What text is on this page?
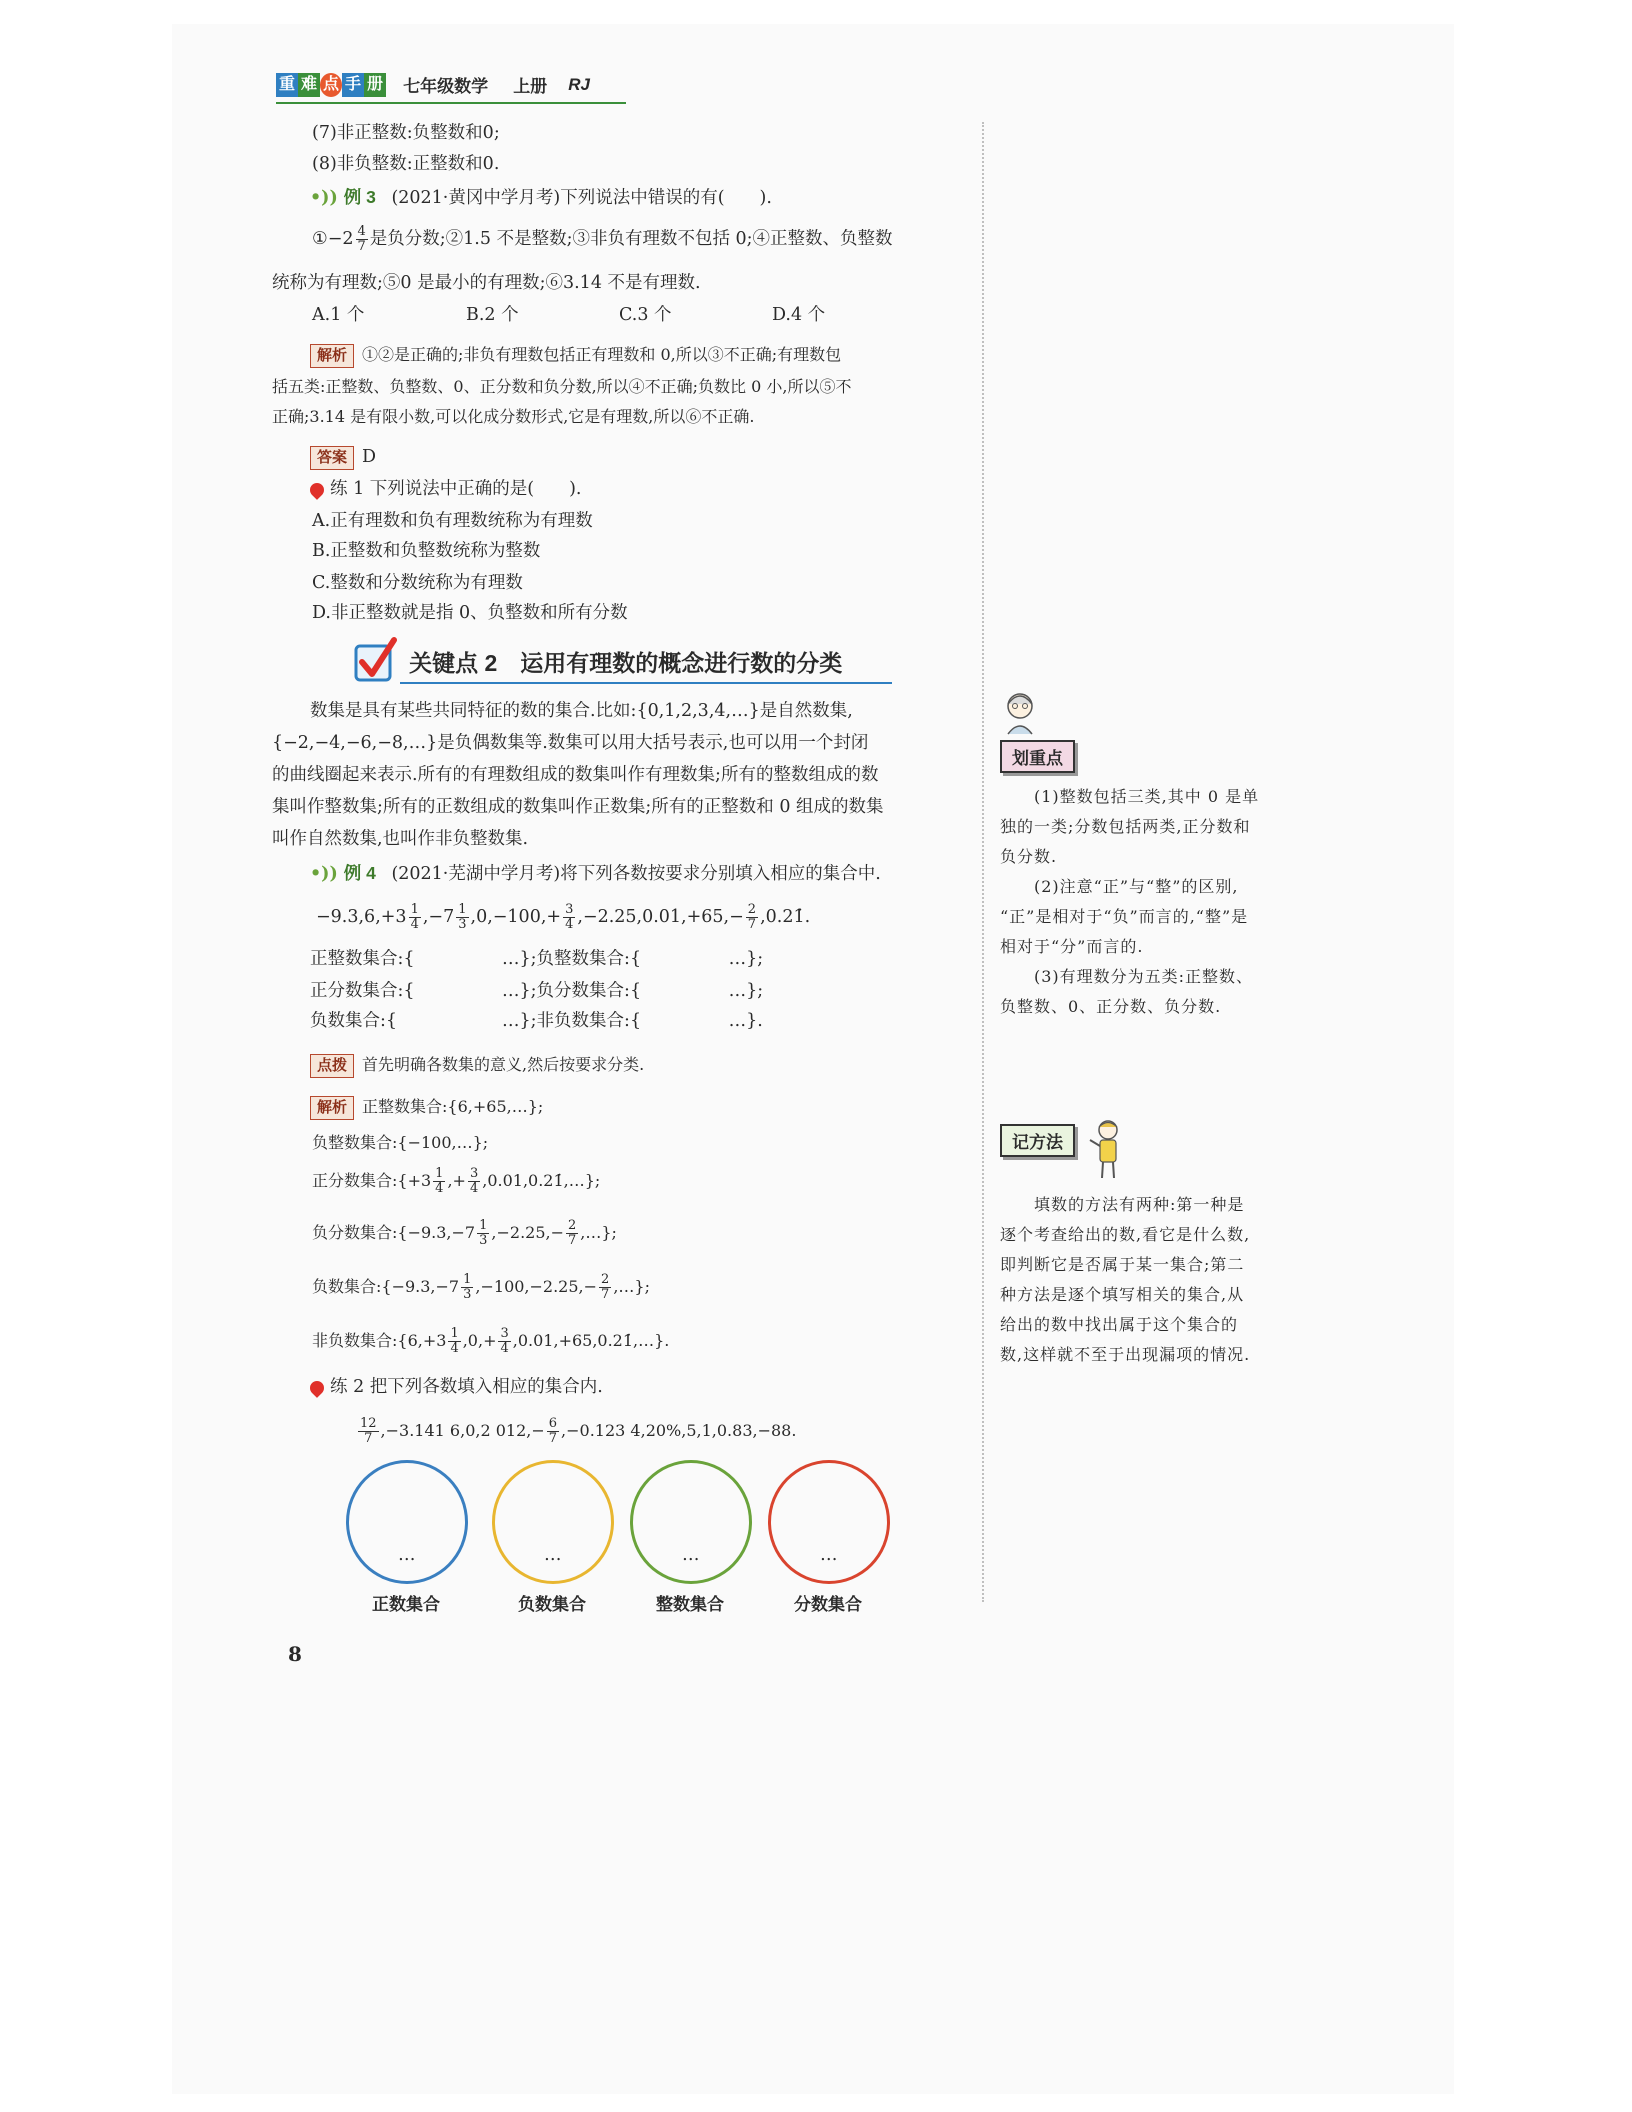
重 难 点 手 册 七年级数学 上册 RJ
(7)非正整数:负整数和0;
(8)非负整数:正整数和0.
•)) 例 3 (2021·黄冈中学月考)下列说法中错误的有(　　).
①−2 $\frac{4}{7}$ 是负分数;②1.5 不是整数;③非负有理数不包括 0;④正整数、负整数
统称为有理数;⑤0 是最小的有理数;⑥3.14 不是有理数.
A.1 个	B.2 个	C.3 个	D.4 个
解析 ①②是正确的;非负有理数包括正有理数和 0,所以③不正确;有理数包
括五类:正整数、负整数、0、正分数和负分数,所以④不正确;负数比 0 小,所以⑤不
正确;3.14 是有限小数,可以化成分数形式,它是有理数,所以⑥不正确.
答案 D
练 1 下列说法中正确的是(　　).
A.正有理数和负有理数统称为有理数
B.正整数和负整数统称为整数
C.整数和分数统称为有理数
D.非正整数就是指 0、负整数和所有分数
关键点 2　运用有理数的概念进行数的分类
数集是具有某些共同特征的数的集合.比如:{0,1,2,3,4,…}是自然数集,
{−2,−4,−6,−8,…}是负偶数集等.数集可以用大括号表示,也可以用一个封闭
的曲线圈起来表示.所有的有理数组成的数集叫作有理数集;所有的整数组成的数
集叫作整数集;所有的正数组成的数集叫作正数集;所有的正整数和 0 组成的数集
叫作自然数集,也叫作非负整数集.
•)) 例 4 (2021·芜湖中学月考)将下列各数按要求分别填入相应的集合中.
$-9.3,6,+3 \frac{1}{4} ,-7 \frac{1}{3} ,0,-100,+ \frac{3}{4} ,-2.25,0.01,+65,- \frac{2}{7}$ ,0.21̇.
正整数集合:{　　　　　…};负整数集合:{　　　　　…};
正分数集合:{　　　　　…};负分数集合:{　　　　　…};
负数集合:{　　　　　　…};非负数集合:{　　　　　…}.
点拨 首先明确各数集的意义,然后按要求分类.
解析 正整数集合:{6,+65,…};
负整数集合:{−100,…};
正分数集合:{+3 $\frac{1}{4}$ ,+ $\frac{3}{4}$ ,0.01,0.21̇,…};
负分数集合:{−9.3,−7 $\frac{1}{3} ,-2.25,- \frac{2}{7}$ ,…};
负数集合:{−9.3,−7 $\frac{1}{3} ,-100,-2.25,- \frac{2}{7}$ ,…};
非负数集合:{6,+3 $\frac{1}{4} ,0,+ \frac{3}{4}$ ,0.01,+65,0.21̇,…}.
练 2 把下列各数填入相应的集合内.
$\frac{12}{7} ,-3.141$ 6,0,2 $012,- \frac{6}{7} ,-0.123$ 4,20%,5,1,0.83,−88.
…
正数集合
…
负数集合
…
整数集合
…
分数集合
8
划重点
(1)整数包括三类,其中 0 是单
独的一类;分数包括两类,正分数和
负分数.
(2)注意“正”与“整”的区别,
“正”是相对于“负”而言的,“整”是
相对于“分”而言的.
(3)有理数分为五类:正整数、
负整数、0、正分数、负分数.
记方法
填数的方法有两种:第一种是
逐个考查给出的数,看它是什么数,
即判断它是否属于某一集合;第二
种方法是逐个填写相关的集合,从
给出的数中找出属于这个集合的
数,这样就不至于出现漏项的情况.
